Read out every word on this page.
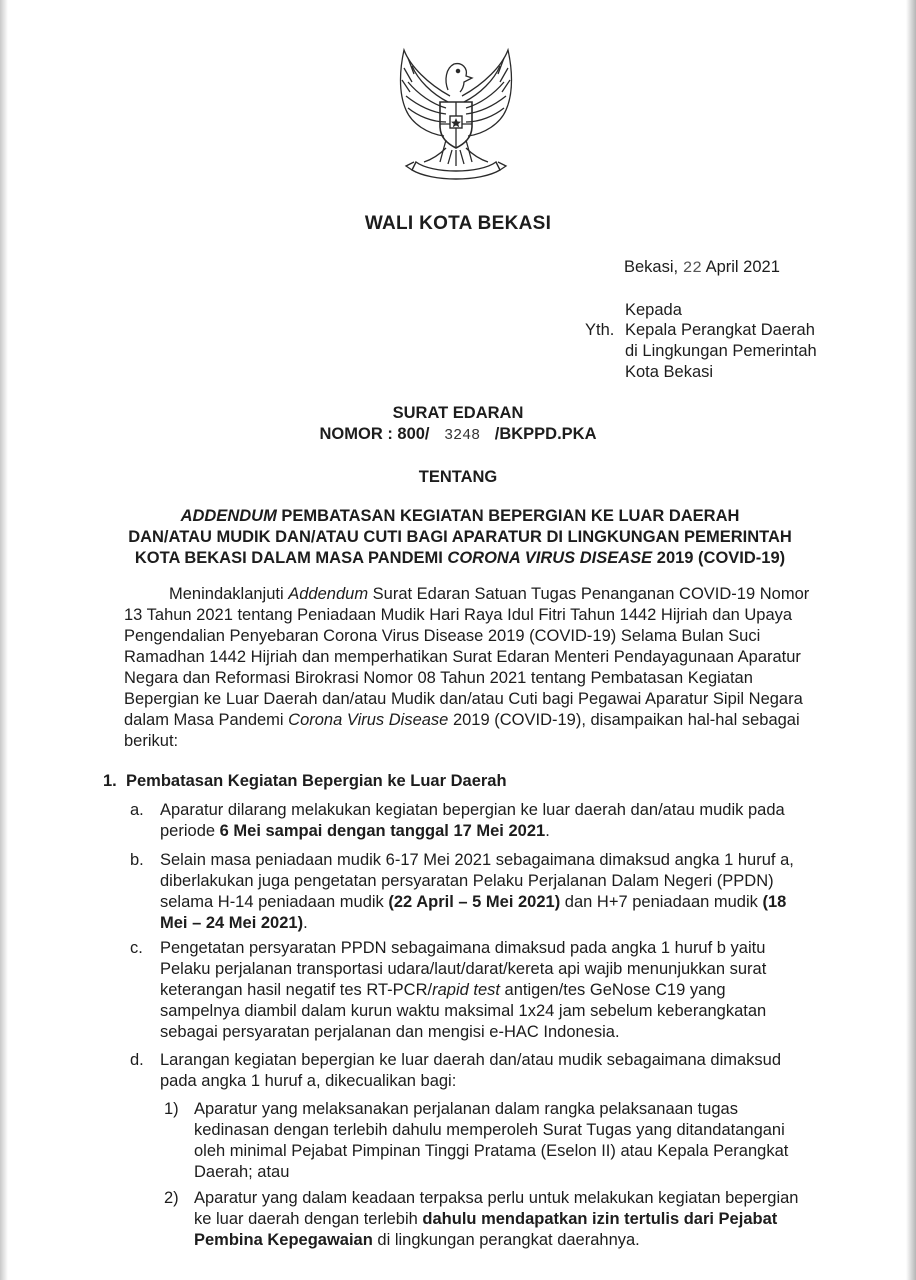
WALI KOTA BEKASI
Bekasi, 22 April 2021
Kepada
Yth. Kepala Perangkat Daerah
di Lingkungan Pemerintah
Kota Bekasi
SURAT EDARAN
NOMOR : 800/ 3248 /BKPPD.PKA
TENTANG
ADDENDUM PEMBATASAN KEGIATAN BEPERGIAN KE LUAR DAERAH
DAN/ATAU MUDIK DAN/ATAU CUTI BAGI APARATUR DI LINGKUNGAN PEMERINTAH
KOTA BEKASI DALAM MASA PANDEMI CORONA VIRUS DISEASE 2019 (COVID-19)
Menindaklanjuti Addendum Surat Edaran Satuan Tugas Penanganan COVID-19 Nomor
13 Tahun 2021 tentang Peniadaan Mudik Hari Raya Idul Fitri Tahun 1442 Hijriah dan Upaya
Pengendalian Penyebaran Corona Virus Disease 2019 (COVID-19) Selama Bulan Suci
Ramadhan 1442 Hijriah dan memperhatikan Surat Edaran Menteri Pendayagunaan Aparatur
Negara dan Reformasi Birokrasi Nomor 08 Tahun 2021 tentang Pembatasan Kegiatan
Bepergian ke Luar Daerah dan/atau Mudik dan/atau Cuti bagi Pegawai Aparatur Sipil Negara
dalam Masa Pandemi Corona Virus Disease 2019 (COVID-19), disampaikan hal-hal sebagai
berikut:
1. Pembatasan Kegiatan Bepergian ke Luar Daerah
a. Aparatur dilarang melakukan kegiatan bepergian ke luar daerah dan/atau mudik pada
periode 6 Mei sampai dengan tanggal 17 Mei 2021.
b. Selain masa peniadaan mudik 6-17 Mei 2021 sebagaimana dimaksud angka 1 huruf a,
diberlakukan juga pengetatan persyaratan Pelaku Perjalanan Dalam Negeri (PPDN)
selama H-14 peniadaan mudik (22 April – 5 Mei 2021) dan H+7 peniadaan mudik (18
Mei – 24 Mei 2021).
c. Pengetatan persyaratan PPDN sebagaimana dimaksud pada angka 1 huruf b yaitu
Pelaku perjalanan transportasi udara/laut/darat/kereta api wajib menunjukkan surat
keterangan hasil negatif tes RT-PCR/rapid test antigen/tes GeNose C19 yang
sampelnya diambil dalam kurun waktu maksimal 1x24 jam sebelum keberangkatan
sebagai persyaratan perjalanan dan mengisi e-HAC Indonesia.
d. Larangan kegiatan bepergian ke luar daerah dan/atau mudik sebagaimana dimaksud
pada angka 1 huruf a, dikecualikan bagi:
1) Aparatur yang melaksanakan perjalanan dalam rangka pelaksanaan tugas
kedinasan dengan terlebih dahulu memperoleh Surat Tugas yang ditandatangani
oleh minimal Pejabat Pimpinan Tinggi Pratama (Eselon II) atau Kepala Perangkat
Daerah; atau
2) Aparatur yang dalam keadaan terpaksa perlu untuk melakukan kegiatan bepergian
ke luar daerah dengan terlebih dahulu mendapatkan izin tertulis dari Pejabat
Pembina Kepegawaian di lingkungan perangkat daerahnya.
